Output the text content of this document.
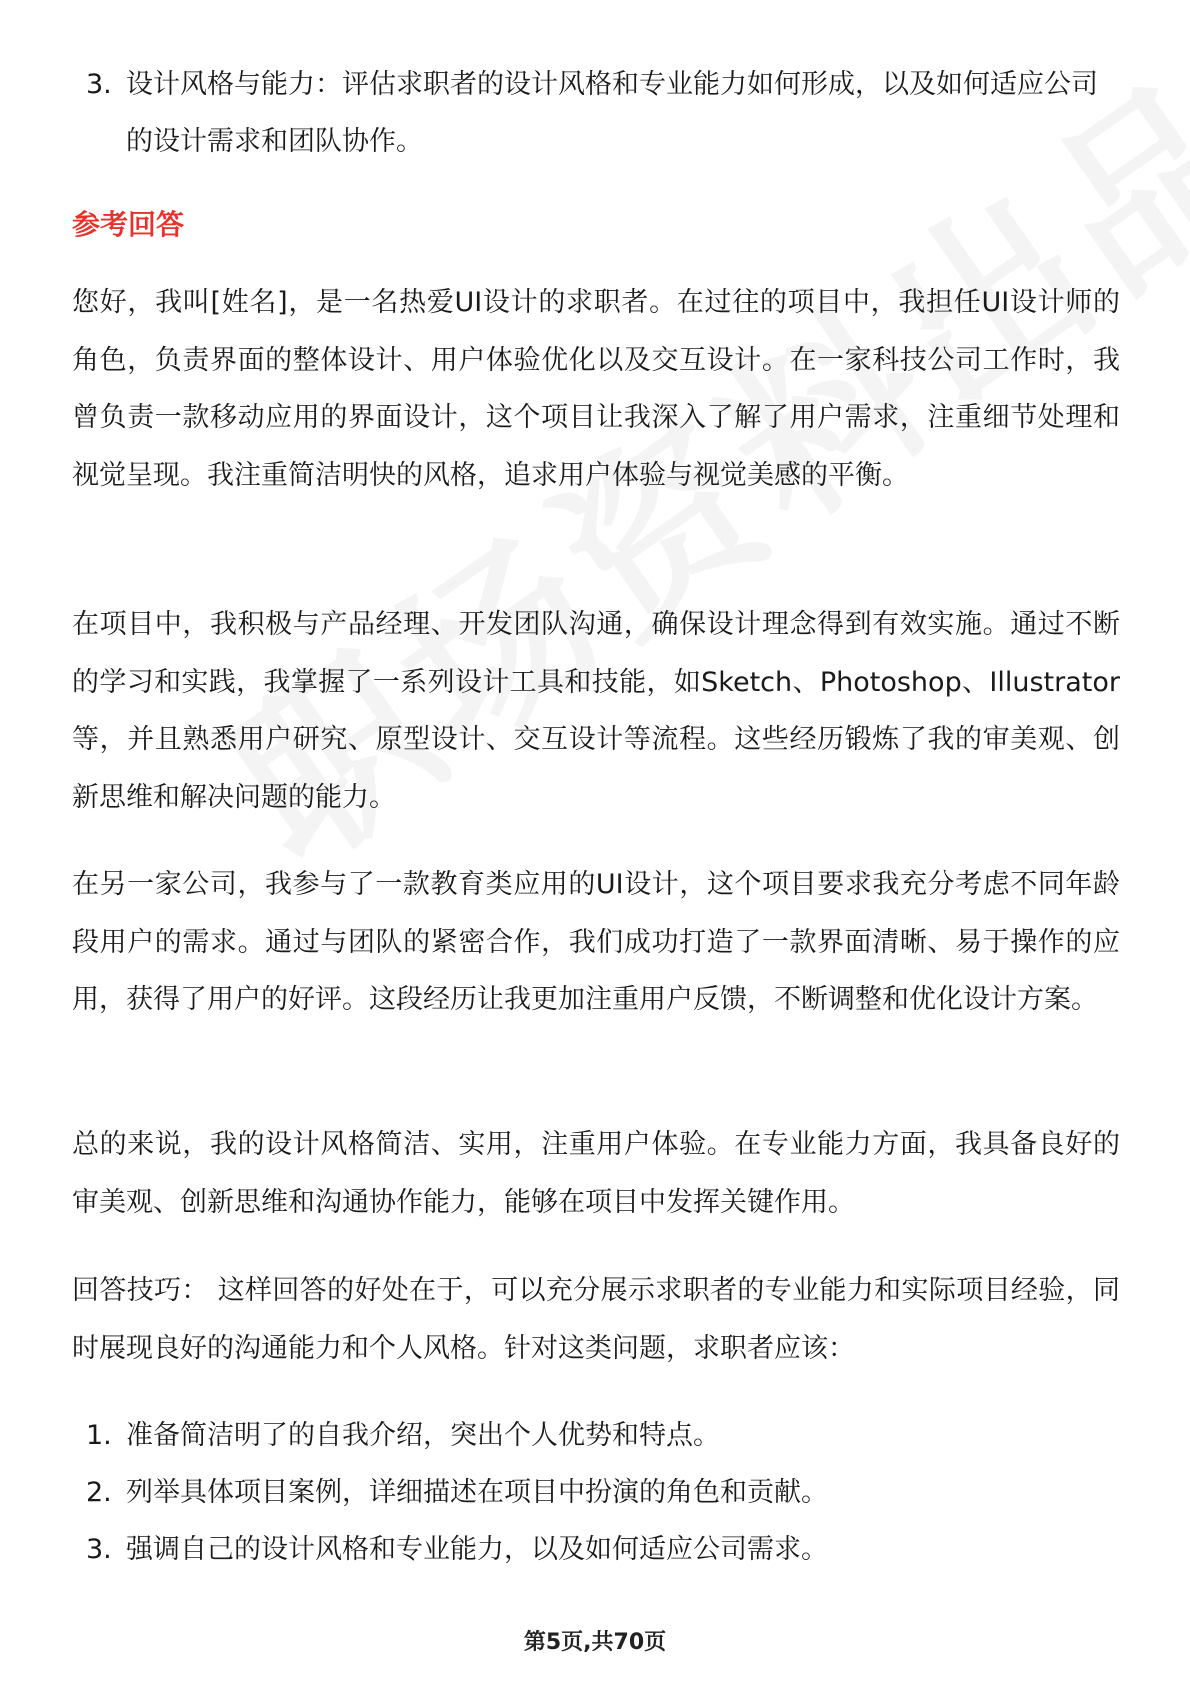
3. 设计风格与能力：评估求职者的设计风格和专业能力如何形成，以及如何适应公司的设计需求和团队协作。
参考回答
您好，我叫[姓名]，是一名热爱UI设计的求职者。在过往的项目中，我担任UI设计师的角色，负责界面的整体设计、用户体验优化以及交互设计。在一家科技公司工作时，我曾负责一款移动应用的界面设计，这个项目让我深入了解了用户需求，注重细节处理和视觉呈现。我注重简洁明快的风格，追求用户体验与视觉美感的平衡。
在项目中，我积极与产品经理、开发团队沟通，确保设计理念得到有效实施。通过不断的学习和实践，我掌握了一系列设计工具和技能，如Sketch、Photoshop、Illustrator等，并且熟悉用户研究、原型设计、交互设计等流程。这些经历锻炼了我的审美观、创新思维和解决问题的能力。
在另一家公司，我参与了一款教育类应用的UI设计，这个项目要求我充分考虑不同年龄段用户的需求。通过与团队的紧密合作，我们成功打造了一款界面清晰、易于操作的应用，获得了用户的好评。这段经历让我更加注重用户反馈，不断调整和优化设计方案。
总的来说，我的设计风格简洁、实用，注重用户体验。在专业能力方面，我具备良好的审美观、创新思维和沟通协作能力，能够在项目中发挥关键作用。
回答技巧： 这样回答的好处在于，可以充分展示求职者的专业能力和实际项目经验，同时展现良好的沟通能力和个人风格。针对这类问题，求职者应该：
1. 准备简洁明了的自我介绍，突出个人优势和特点。
2. 列举具体项目案例，详细描述在项目中扮演的角色和贡献。
3. 强调自己的设计风格和专业能力，以及如何适应公司需求。
第5页,共70页
